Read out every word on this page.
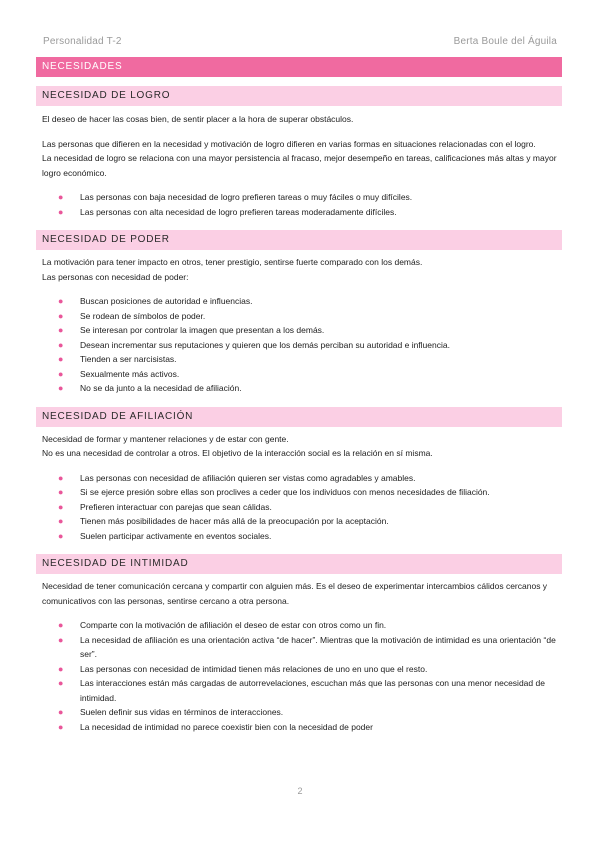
Personalidad T-2	Berta Boule del Águila
NECESIDADES
NECESIDAD DE LOGRO

El deseo de hacer las cosas bien, de sentir placer a la hora de superar obstáculos.

Las personas que difieren en la necesidad y motivación de logro difieren en varias formas en situaciones relacionadas con el logro.

La necesidad de logro se relaciona con una mayor persistencia al fracaso, mejor desempeño en tareas, calificaciones más altas y mayor logro económico.

● Las personas con baja necesidad de logro prefieren tareas o muy fáciles o muy difíciles.
● Las personas con alta necesidad de logro prefieren tareas moderadamente difíciles.
NECESIDAD DE PODER

La motivación para tener impacto en otros, tener prestigio, sentirse fuerte comparado con los demás.

Las personas con necesidad de poder:

● Buscan posiciones de autoridad e influencias.
● Se rodean de símbolos de poder.
● Se interesan por controlar la imagen que presentan a los demás.
● Desean incrementar sus reputaciones y quieren que los demás perciban su autoridad e influencia.
● Tienden a ser narcisistas.
● Sexualmente más activos.
● No se da junto a la necesidad de afiliación.
NECESIDAD DE AFILIACIÓN

Necesidad de formar y mantener relaciones y de estar con gente.

No es una necesidad de controlar a otros. El objetivo de la interacción social es la relación en sí misma.

● Las personas con necesidad de afiliación quieren ser vistas como agradables y amables.
● Si se ejerce presión sobre ellas son proclives a ceder que los individuos con menos necesidades de filiación.
● Prefieren interactuar con parejas que sean cálidas.
● Tienen más posibilidades de hacer más allá de la preocupación por la aceptación.
● Suelen participar activamente en eventos sociales.
NECESIDAD DE INTIMIDAD

Necesidad de tener comunicación cercana y compartir con alguien más. Es el deseo de experimentar intercambios cálidos cercanos y comunicativos con las personas, sentirse cercano a otra persona.

● Comparte con la motivación de afiliación el deseo de estar con otros como un fin.
● La necesidad de afiliación es una orientación activa “de hacer”. Mientras que la motivación de intimidad es una orientación “de ser”.
● Las personas con necesidad de intimidad tienen más relaciones de uno en uno que el resto.
● Las interacciones están más cargadas de autorrevelaciones, escuchan más que las personas con una menor necesidad de intimidad.
● Suelen definir sus vidas en términos de interacciones.
● La necesidad de intimidad no parece coexistir bien con la necesidad de poder
2
